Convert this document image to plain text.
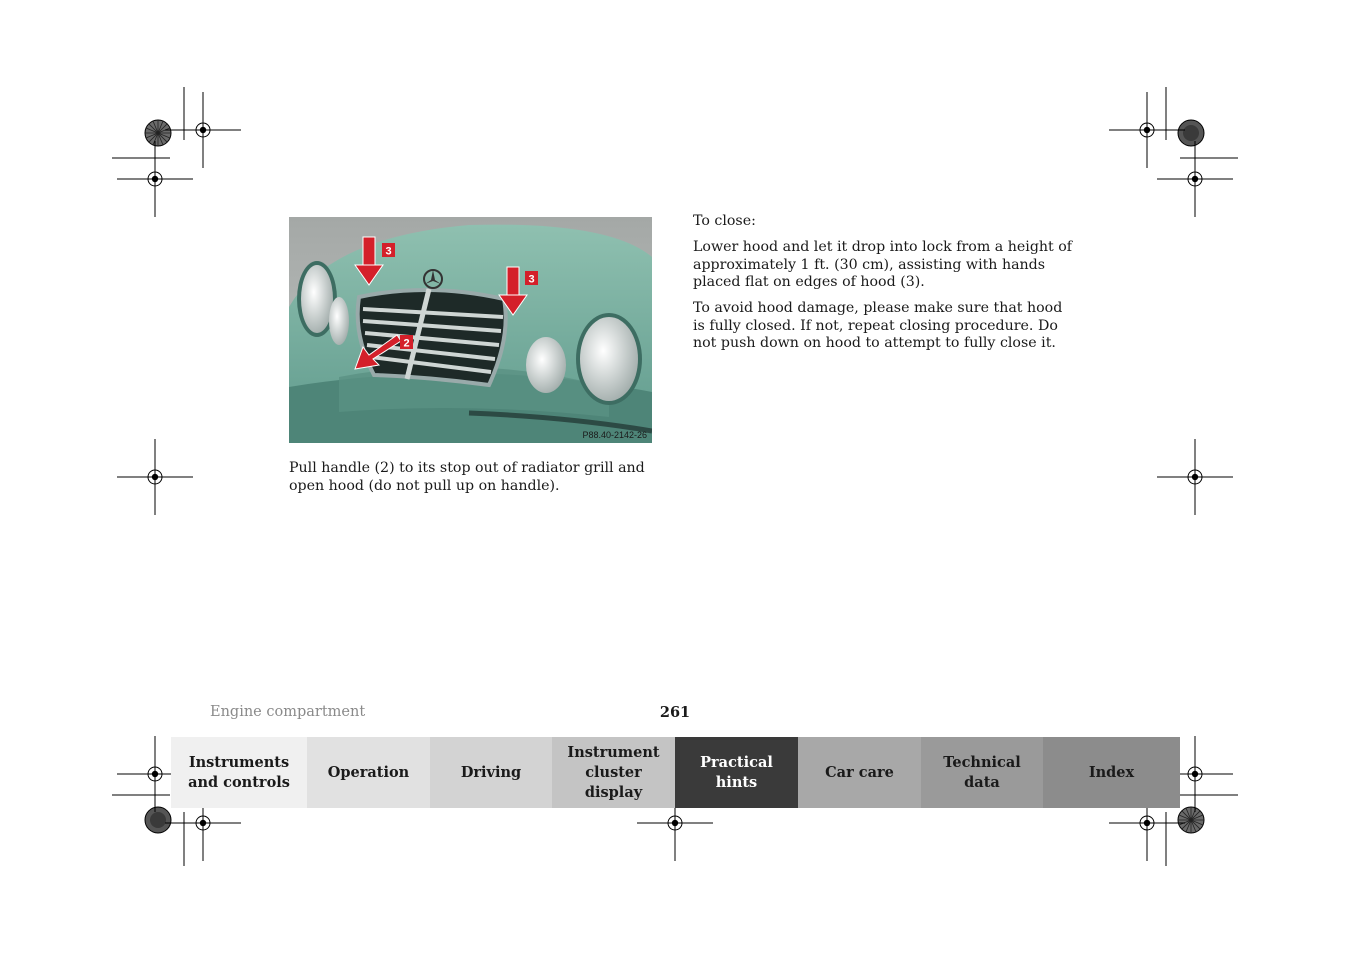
3
3
2
P88.40-2142-26
Pull handle (2) to its stop out of radiator grill and open hood (do not pull up on handle).

To close:

Lower hood and let it drop into lock from a height of approximately 1 ft. (30 cm), assisting with hands placed flat on edges of hood (3).

To avoid hood damage, please make sure that hood is fully closed. If not, repeat closing procedure. Do not push down on hood to attempt to fully close it.

Engine compartment	261
Instruments
and controls
Operation	Driving
Instrument
cluster display
Practical hints
Car care
Technical
data
Index
